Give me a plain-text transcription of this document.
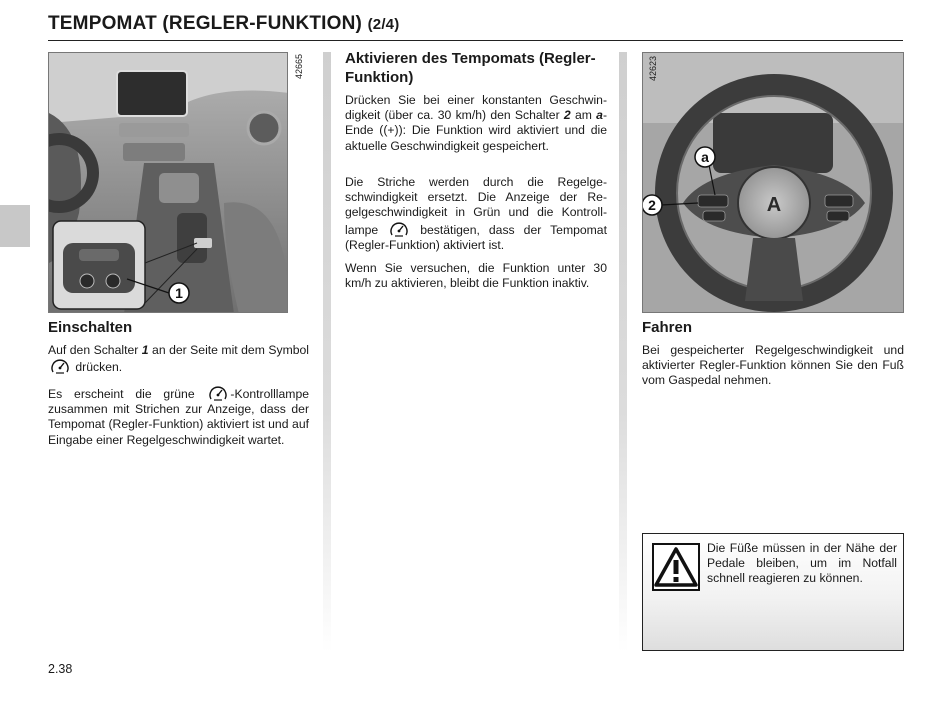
TEMPOMAT (REGLER-FUNKTION) (2/4)
1
42665
A
a
2
42623
Einschalten
Auf den Schalter 1 an der Seite mit dem Symbol  drücken.
Es erscheint die grüne -Kontrolllampe zusammen mit Strichen zur Anzeige, dass der Tempomat (Regler-Funktion) aktiviert ist und auf Eingabe einer Regelgeschwindigkeit wartet.
Aktivieren des Tempomats (Regler-Funktion)
Drücken Sie bei einer konstanten Geschwindigkeit (über ca. 30 km/h) den Schalter 2 am a-Ende ((+)): Die Funktion wird aktiviert und die aktuelle Geschwindigkeit gespeichert.
Die Striche werden durch die Regelgeschwindigkeit ersetzt. Die Anzeige der Regelgeschwindigkeit in Grün und die Kontrolllampe  bestätigen, dass der Tempomat (Regler-Funktion) aktiviert ist.
Wenn Sie versuchen, die Funktion unter 30 km/h zu aktivieren, bleibt die Funktion inaktiv.
Fahren
Bei gespeicherter Regelgeschwindigkeit und aktivierter Regler-Funktion können Sie den Fuß vom Gaspedal nehmen.
Die Füße müssen in der Nähe der Pedale bleiben, um im Notfall schnell reagieren zu können.
2.38
